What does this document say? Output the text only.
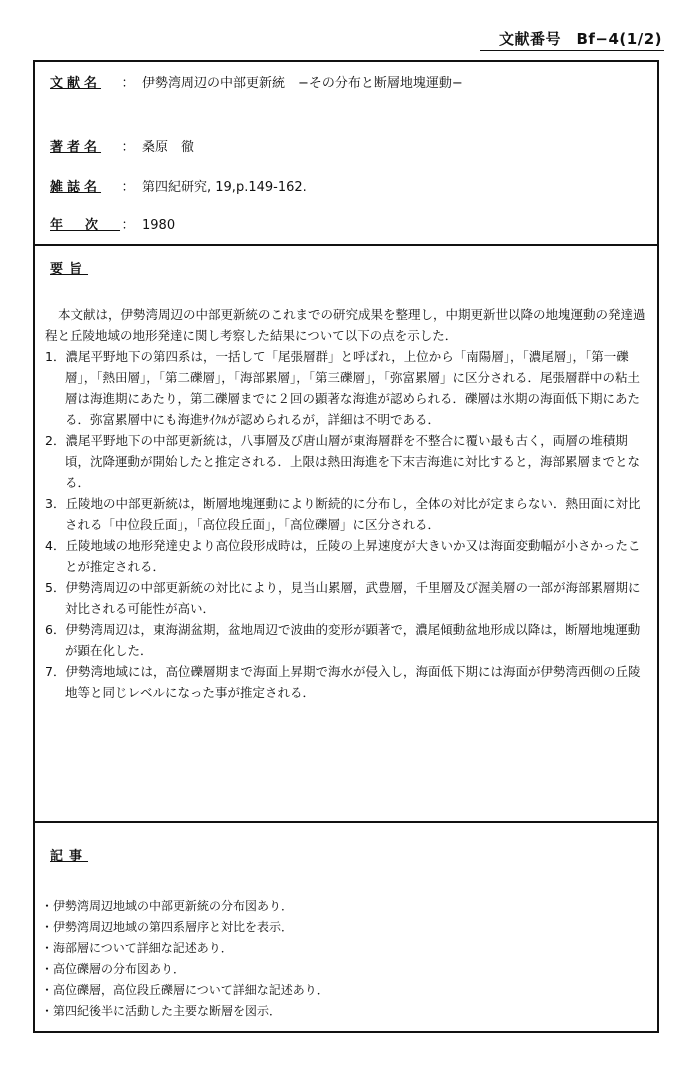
文献番号　Bf−4(1/2)
文献名	： 伊勢湾周辺の中部更新統　−その分布と断層地塊運動−
著者名	： 桑原　徹
雑誌名	： 第四紀研究, 19,p.149-162.
年次 ： 1980
要旨
本文献は，伊勢湾周辺の中部更新統のこれまでの研究成果を整理し，中期更新世以降の地塊運動の発達過程と丘陵地域の地形発達に関し考察した結果について以下の点を示した．
1．濃尾平野地下の第四系は，一括して「尾張層群」と呼ばれ，上位から「南陽層」，「濃尾層」，「第一礫層」，「熱田層」，「第二礫層」，「海部累層」，「第三礫層」，「弥富累層」に区分される．尾張層群中の粘土層は海進期にあたり，第二礫層までに２回の顕著な海進が認められる．礫層は氷期の海面低下期にあたる．弥富累層中にも海進ｻｲｸﾙが認められるが，詳細は不明である．
2．濃尾平野地下の中部更新統は，八事層及び唐山層が東海層群を不整合に覆い最も古く，両層の堆積期頃，沈降運動が開始したと推定される．上限は熱田海進を下末吉海進に対比すると，海部累層までとなる．
3．丘陵地の中部更新統は，断層地塊運動により断続的に分布し，全体の対比が定まらない．熱田面に対比される「中位段丘面」，「高位段丘面」，「高位礫層」に区分される．
4．丘陵地域の地形発達史より高位段形成時は，丘陵の上昇速度が大きいか又は海面変動幅が小さかったことが推定される．
5．伊勢湾周辺の中部更新統の対比により，見当山累層，武豊層，千里層及び渥美層の一部が海部累層期に対比される可能性が高い．
6．伊勢湾周辺は，東海湖盆期，盆地周辺で波曲的変形が顕著で，濃尾傾動盆地形成以降は，断層地塊運動が顕在化した．
7．伊勢湾地域には，高位礫層期まで海面上昇期で海水が侵入し，海面低下期には海面が伊勢湾西側の丘陵地等と同じレベルになった事が推定される．
記事
・伊勢湾周辺地域の中部更新統の分布図あり．
・伊勢湾周辺地域の第四系層序と対比を表示．
・海部層について詳細な記述あり．
・高位礫層の分布図あり．
・高位礫層，高位段丘礫層について詳細な記述あり．
・第四紀後半に活動した主要な断層を図示．
